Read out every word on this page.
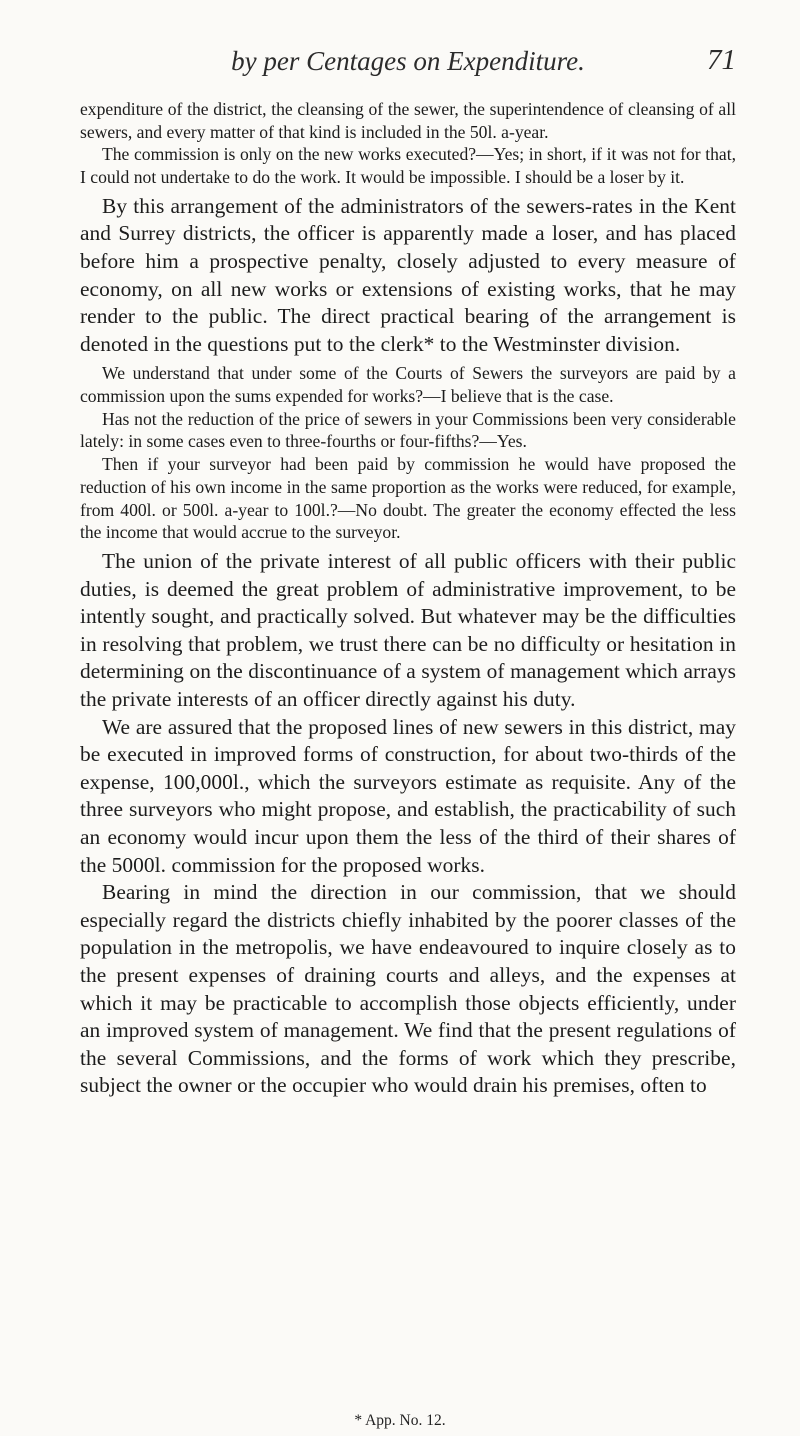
by per Centages on Expenditure.	71

expenditure of the district, the cleansing of the sewer, the superintendence of cleansing of all sewers, and every matter of that kind is included in the 50l. a-year.

The commission is only on the new works executed?—Yes; in short, if it was not for that, I could not undertake to do the work. It would be impossible. I should be a loser by it.

By this arrangement of the administrators of the sewers-rates in the Kent and Surrey districts, the officer is apparently made a loser, and has placed before him a prospective penalty, closely adjusted to every measure of economy, on all new works or extensions of existing works, that he may render to the public. The direct practical bearing of the arrangement is denoted in the questions put to the clerk* to the Westminster division.

We understand that under some of the Courts of Sewers the surveyors are paid by a commission upon the sums expended for works?—I believe that is the case.

Has not the reduction of the price of sewers in your Commissions been very considerable lately: in some cases even to three-fourths or four-fifths?—Yes.

Then if your surveyor had been paid by commission he would have proposed the reduction of his own income in the same proportion as the works were reduced, for example, from 400l. or 500l. a-year to 100l.?—No doubt. The greater the economy effected the less the income that would accrue to the surveyor.

The union of the private interest of all public officers with their public duties, is deemed the great problem of administrative improvement, to be intently sought, and practically solved. But whatever may be the difficulties in resolving that problem, we trust there can be no difficulty or hesitation in determining on the discontinuance of a system of management which arrays the private interests of an officer directly against his duty.

We are assured that the proposed lines of new sewers in this district, may be executed in improved forms of construction, for about two-thirds of the expense, 100,000l., which the surveyors estimate as requisite. Any of the three surveyors who might propose, and establish, the practicability of such an economy would incur upon them the less of the third of their shares of the 5000l. commission for the proposed works.

Bearing in mind the direction in our commission, that we should especially regard the districts chiefly inhabited by the poorer classes of the population in the metropolis, we have endeavoured to inquire closely as to the present expenses of draining courts and alleys, and the expenses at which it may be practicable to accomplish those objects efficiently, under an improved system of management. We find that the present regulations of the several Commissions, and the forms of work which they prescribe, subject the owner or the occupier who would drain his premises, often to

* App. No. 12.
